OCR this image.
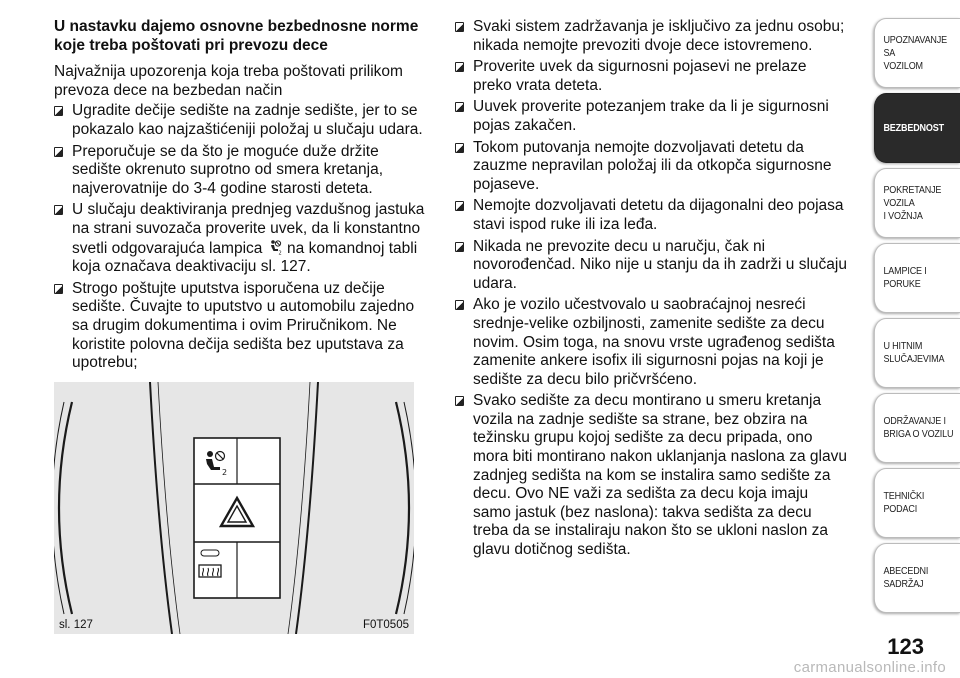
U nastavku dajemo osnovne bezbednosne norme koje treba poštovati pri prevozu dece

Najvažnija upozorenja koja treba poštovati prilikom prevoza dece na bezbedan način

Ugradite dečije sedište na zadnje sedište, jer to se pokazalo kao najzaštićeniji položaj u slučaju udara.
Preporučuje se da što je moguće duže držite sedište okrenuto suprotno od smera kretanja, najverovatnije do 3-4 godine starosti deteta.
U slučaju deaktiviranja prednjeg vazdušnog jastuka na strani suvozača proverite uvek, da li konstantno svetli odgovarajuća lampica	2 na komandnoj tabli koja označava deaktivaciju sl. 127.
Strogo poštujte uputstva isporučena uz dečije sedište. Čuvajte to uputstvo u automobilu zajedno sa drugim dokumentima i ovim Priručnikom. Ne koristite polovna dečija sedišta bez uputstava za upotrebu;
2
sl. 127	F0T0505
Svaki sistem zadržavanja je isključivo za jednu osobu; nikada nemojte prevoziti dvoje dece istovremeno.
Proverite uvek da sigurnosni pojasevi ne prelaze preko vrata deteta.
Uuvek proverite potezanjem trake da li je sigurnosni pojas zakačen.
Tokom putovanja nemojte dozvoljavati detetu da zauzme nepravilan položaj ili da otkopča sigurnosne pojaseve.
Nemojte dozvoljavati detetu da dijagonalni deo pojasa stavi ispod ruke ili iza leđa.
Nikada ne prevozite decu u naručju, čak ni novorođenčad. Niko nije u stanju da ih zadrži u slučaju udara.
Ako je vozilo učestvovalo u saobraćajnoj nesreći srednje-velike ozbiljnosti, zamenite sedište za decu novim. Osim toga, na snovu vrste ugrađenog sedišta zamenite ankere isofix ili sigurnosni pojas na koji je sedište za decu bilo pričvršćeno.
Svako sedište za decu montirano u smeru kretanja vozila na zadnje sedište sa strane, bez obzira na težinsku grupu kojoj sedište za decu pripada, ono mora biti montirano nakon uklanjanja naslona za glavu zadnjeg sedišta na kom se instalira samo sedište za decu. Ovo NE važi za sedišta za decu koja imaju samo jastuk (bez naslona): takva sedišta za decu treba da se instaliraju nakon što se ukloni naslon za glavu dotičnog sedišta.
UPOZNAVANJE SA
VOZILOM
BEZBEDNOST
POKRETANJE VOZILA
I VOŽNJA
LAMPICE I PORUKE
U HITNIM
SLUČAJEVIMA
ODRŽAVANJE I
BRIGA O VOZILU
TEHNIČKI PODACI
ABECEDNI SADRŽAJ
123
carmanualsonline.info
